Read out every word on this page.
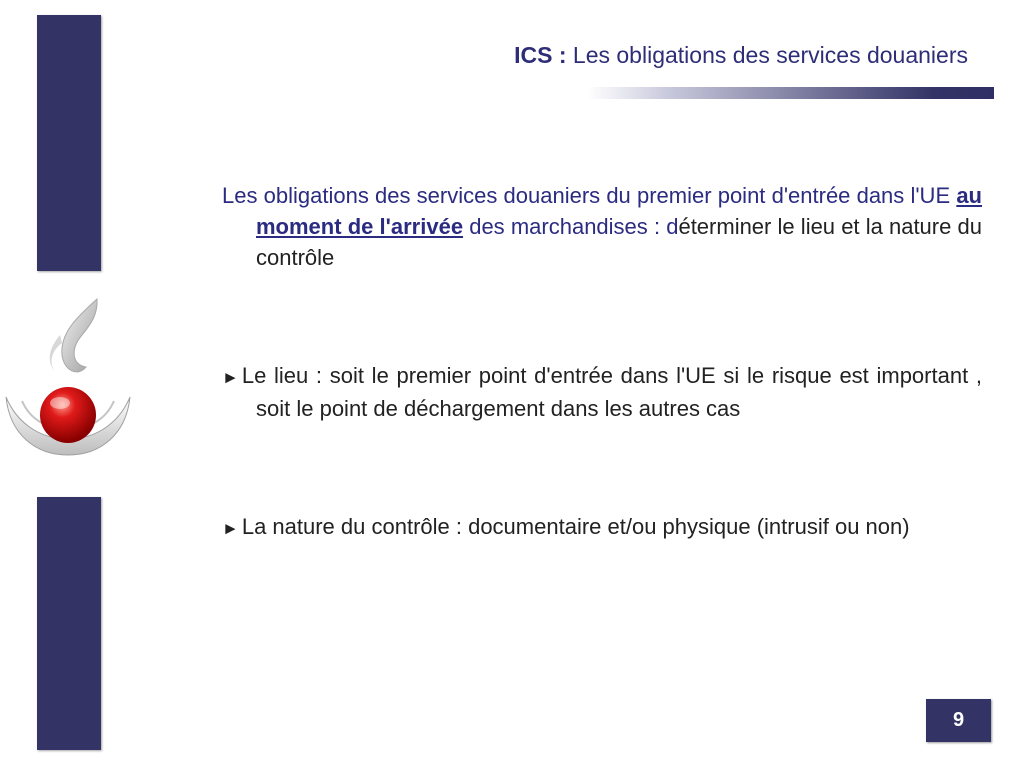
ICS : Les obligations des services douaniers
Les obligations des services douaniers du premier point d'entrée dans l'UE au moment de l'arrivée des marchandises : déterminer le lieu et la nature du contrôle
► Le lieu : soit le premier point d'entrée dans l'UE si le risque est important , soit le point de déchargement dans les autres cas
► La nature du contrôle : documentaire et/ou physique (intrusif ou non)
9
